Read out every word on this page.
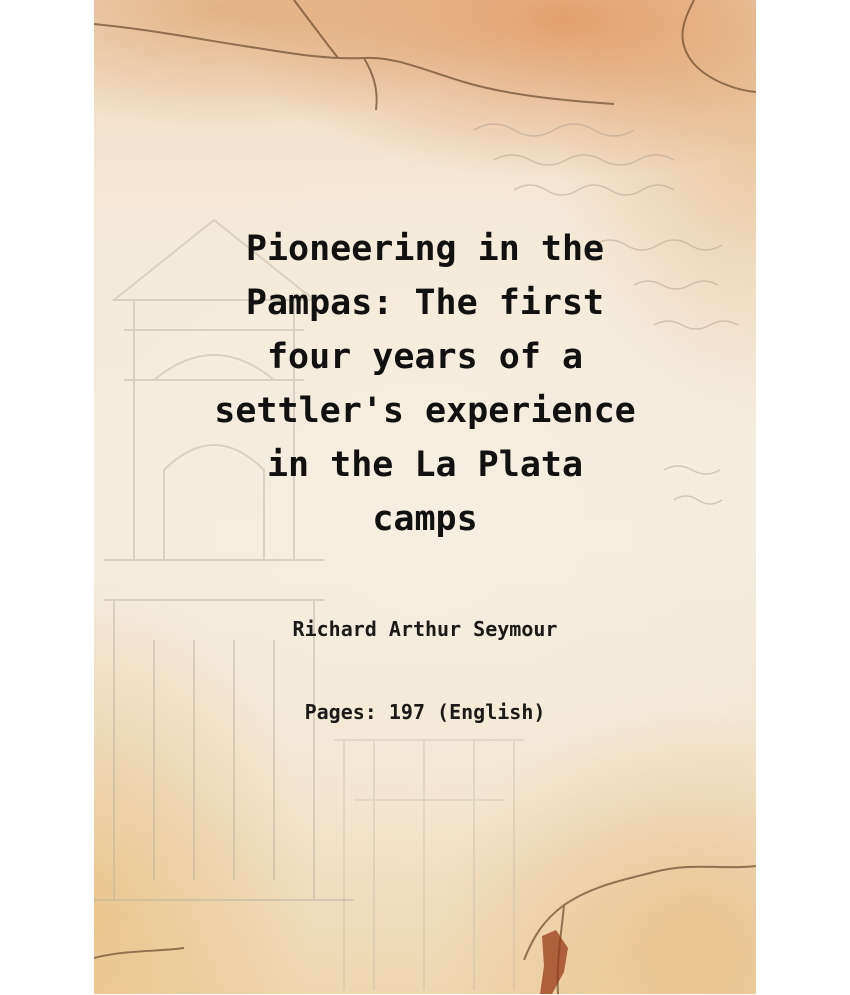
Pioneering in the
Pampas: The first
four years of a
settler's experience
in the La Plata
camps
Richard Arthur Seymour
Pages: 197 (English)
